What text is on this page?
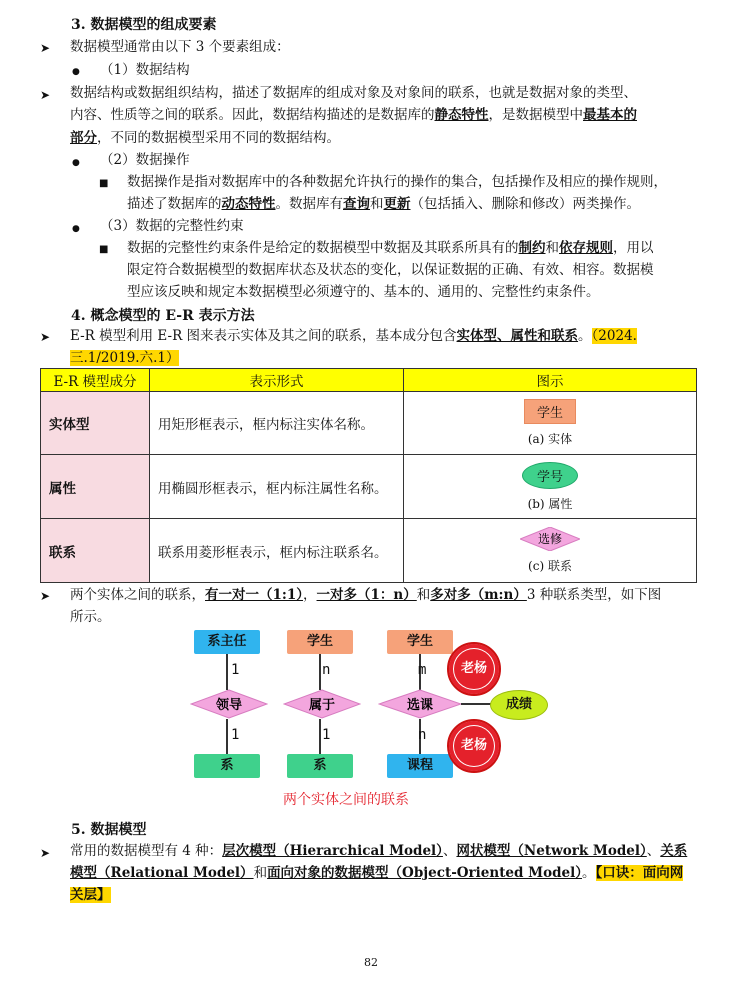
3. 数据模型的组成要素
➤ 数据模型通常由以下 3 个要素组成：
● （1）数据结构
➤ 数据结构或数据组织结构，描述了数据库的组成对象及对象间的联系，也就是数据对象的类型、
内容、性质等之间的联系。因此，数据结构描述的是数据库的静态特性，是数据模型中最基本的
部分，不同的数据模型采用不同的数据结构。
● （2）数据操作
■ 数据操作是指对数据库中的各种数据允许执行的操作的集合，包括操作及相应的操作规则，
描述了数据库的动态特性。数据库有查询和更新（包括插入、删除和修改）两类操作。
● （3）数据的完整性约束
■ 数据的完整性约束条件是给定的数据模型中数据及其联系所具有的制约和依存规则，用以
限定符合数据模型的数据库状态及状态的变化，以保证数据的正确、有效、相容。数据模
型应该反映和规定本数据模型必须遵守的、基本的、通用的、完整性约束条件。
4. 概念模型的 E-R 表示方法
➤ E-R 模型利用 E-R 图来表示实体及其之间的联系，基本成分包含实体型、属性和联系。（2024.
三.1/2019.六.1）
E-R 模型成分	表示形式	图示
实体型	用矩形框表示，框内标注实体名称。	学生
(a) 实体

属性	用椭圆形框表示，框内标注属性名称。	学号
(b) 属性

联系	联系用菱形框表示，框内标注联系名。	选修
(c) 联系
➤ 两个实体之间的联系，有一对一（1:1），一对多（1：n）和多对多（m:n）3 种联系类型，如下图
所示。
系主任	学生	学生
1	n	m
领导	属于	选课	成绩
1	1	n
系	系	课程
老杨
老杨
两个实体之间的联系
5. 数据模型
➤ 常用的数据模型有 4 种：层次模型（Hierarchical Model）、网状模型（Network Model）、关系
模型（Relational Model）和面向对象的数据模型（Object-Oriented Model）。【口诀：面向网
关层】
82
